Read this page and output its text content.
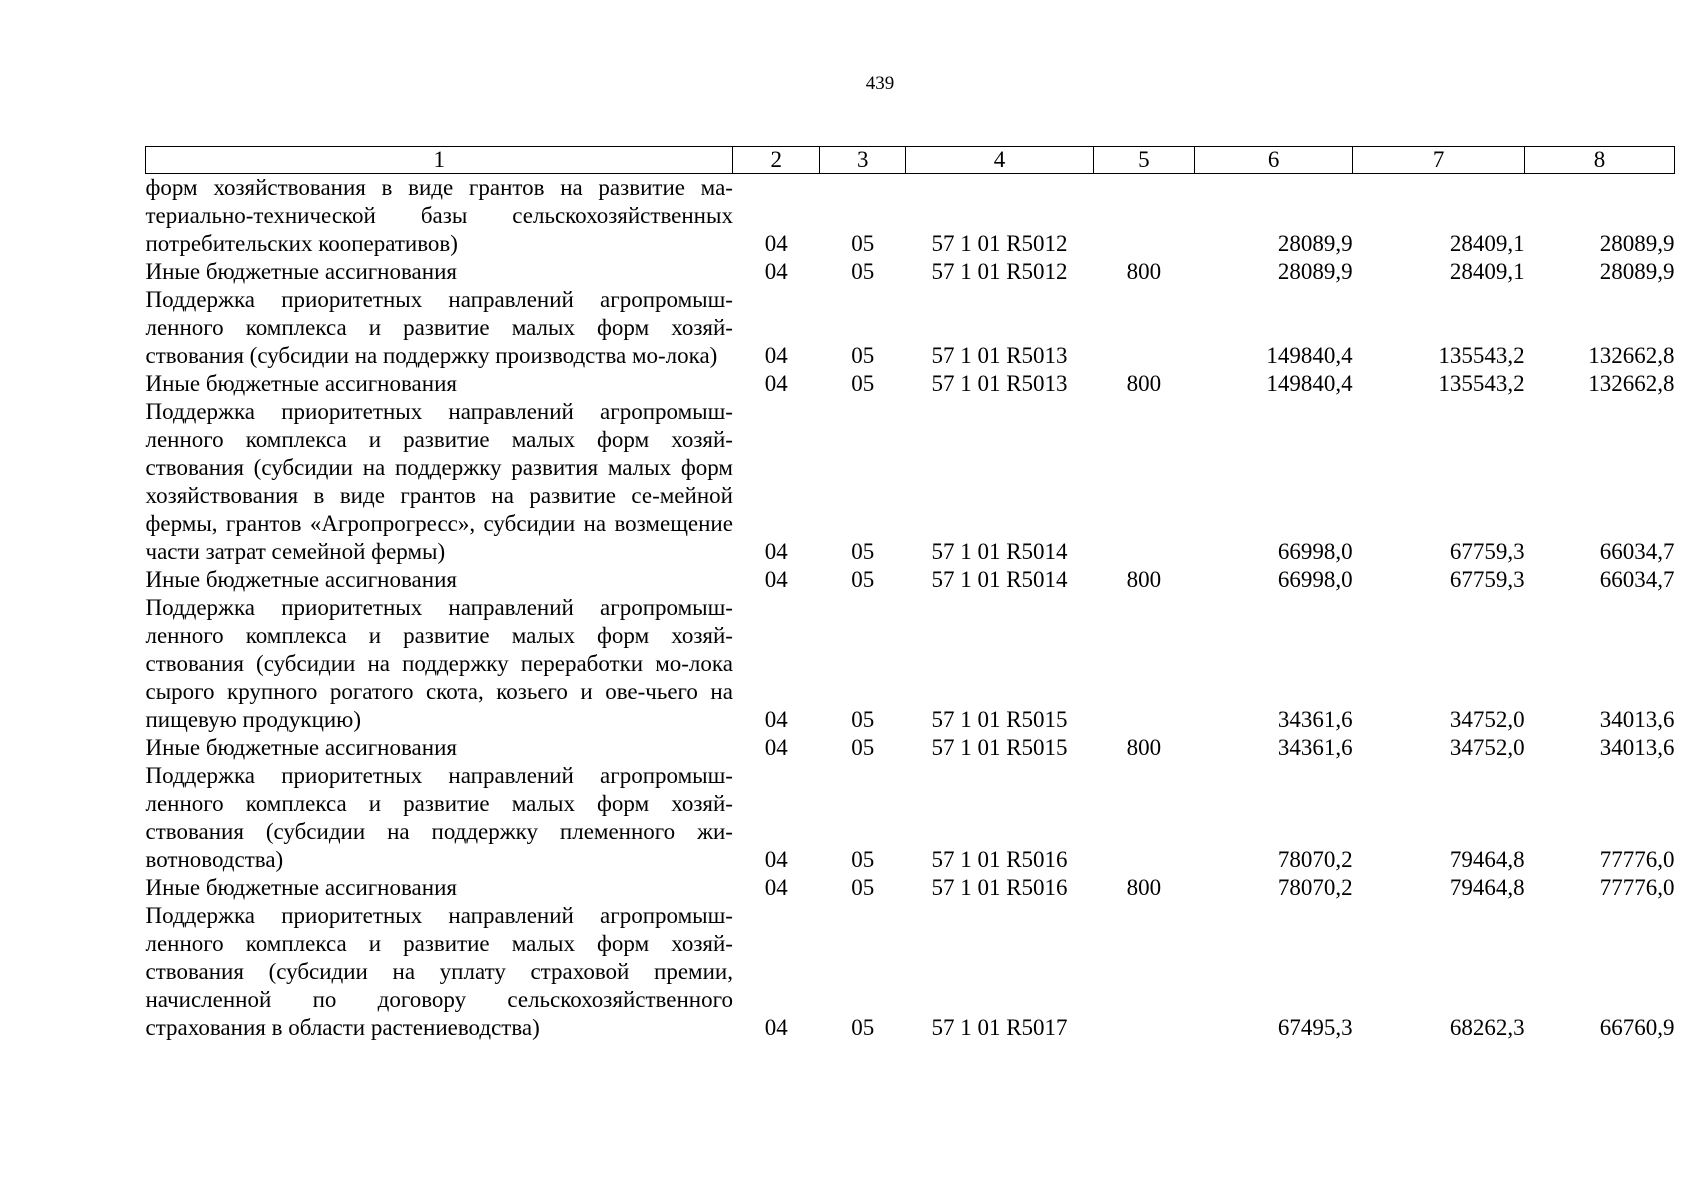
439
1	2	3	4	5	6	7	8

форм хозяйствования в виде грантов на развитие ма-териально-технической базы сельскохозяйственных потребительских кооперативов)	04	05	57 1 01 R5012		28089,9	28409,1	28089,9

Иные бюджетные ассигнования	04	05	57 1 01 R5012	800	28089,9	28409,1	28089,9

Поддержка приоритетных направлений агропромыш-ленного комплекса и развитие малых форм хозяй-ствования (субсидии на поддержку производства мо-лока)	04	05	57 1 01 R5013		149840,4	135543,2	132662,8

Иные бюджетные ассигнования	04	05	57 1 01 R5013	800	149840,4	135543,2	132662,8

Поддержка приоритетных направлений агропромыш-ленного комплекса и развитие малых форм хозяй-ствования (субсидии на поддержку развития малых форм хозяйствования в виде грантов на развитие се-мейной фермы, грантов «Агропрогресс», субсидии на возмещение части затрат семейной фермы)	04	05	57 1 01 R5014		66998,0	67759,3	66034,7

Иные бюджетные ассигнования	04	05	57 1 01 R5014	800	66998,0	67759,3	66034,7

Поддержка приоритетных направлений агропромыш-ленного комплекса и развитие малых форм хозяй-ствования (субсидии на поддержку переработки мо-лока сырого крупного рогатого скота, козьего и ове-чьего на пищевую продукцию)	04	05	57 1 01 R5015		34361,6	34752,0	34013,6

Иные бюджетные ассигнования	04	05	57 1 01 R5015	800	34361,6	34752,0	34013,6

Поддержка приоритетных направлений агропромыш-ленного комплекса и развитие малых форм хозяй-ствования (субсидии на поддержку племенного жи-вотноводства)	04	05	57 1 01 R5016		78070,2	79464,8	77776,0

Иные бюджетные ассигнования	04	05	57 1 01 R5016	800	78070,2	79464,8	77776,0

Поддержка приоритетных направлений агропромыш-ленного комплекса и развитие малых форм хозяй-ствования (субсидии на уплату страховой премии, начисленной по договору сельскохозяйственного страхования в области растениеводства)	04	05	57 1 01 R5017		67495,3	68262,3	66760,9
